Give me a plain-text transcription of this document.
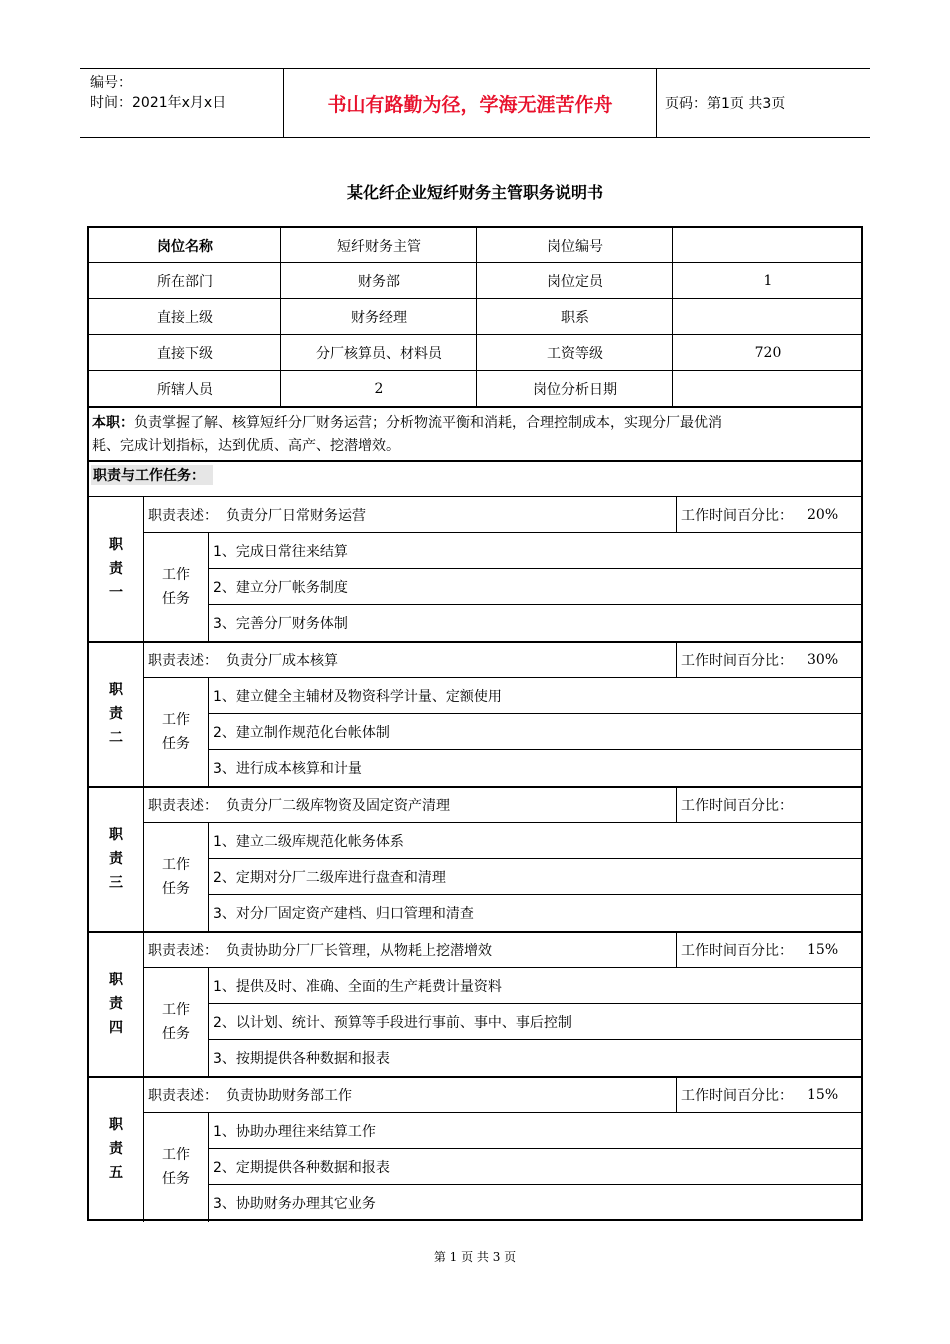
编号：
时间：2021年x月x日	书山有路勤为径，学海无涯苦作舟	页码：第1页 共3页
某化纤企业短纤财务主管职务说明书
岗位名称	短纤财务主管	岗位编号
所在部门	财务部	岗位定员	1
直接上级	财务经理	职系
直接下级	分厂核算员、材料员	工资等级	720
所辖人员	2	岗位分析日期
本职：负责掌握了解、核算短纤分厂财务运营；分析物流平衡和消耗，合理控制成本，实现分厂最优消
耗、完成计划指标，达到优质、高产、挖潜增效。
职责与工作任务：
职
责
一
职责表述： 负责分厂日常财务运营	工作时间百分比： 20%
工作
任务
1、完成日常往来结算
2、建立分厂帐务制度
3、完善分厂财务体制
职
责
二
职责表述： 负责分厂成本核算	工作时间百分比： 30%
工作
任务
1、建立健全主辅材及物资科学计量、定额使用
2、建立制作规范化台帐体制
3、进行成本核算和计量
职
责
三
职责表述： 负责分厂二级库物资及固定资产清理	工作时间百分比：
工作
任务
1、建立二级库规范化帐务体系
2、定期对分厂二级库进行盘查和清理
3、对分厂固定资产建档、归口管理和清查
职
责
四
职责表述： 负责协助分厂厂长管理，从物耗上挖潜增效	工作时间百分比： 15%
工作
任务
1、提供及时、准确、全面的生产耗费计量资料
2、以计划、统计、预算等手段进行事前、事中、事后控制
3、按期提供各种数据和报表
职
责
五
职责表述： 负责协助财务部工作	工作时间百分比： 15%
工作
任务
1、协助办理往来结算工作
2、定期提供各种数据和报表
3、协助财务办理其它业务
第 1 页 共 3 页
